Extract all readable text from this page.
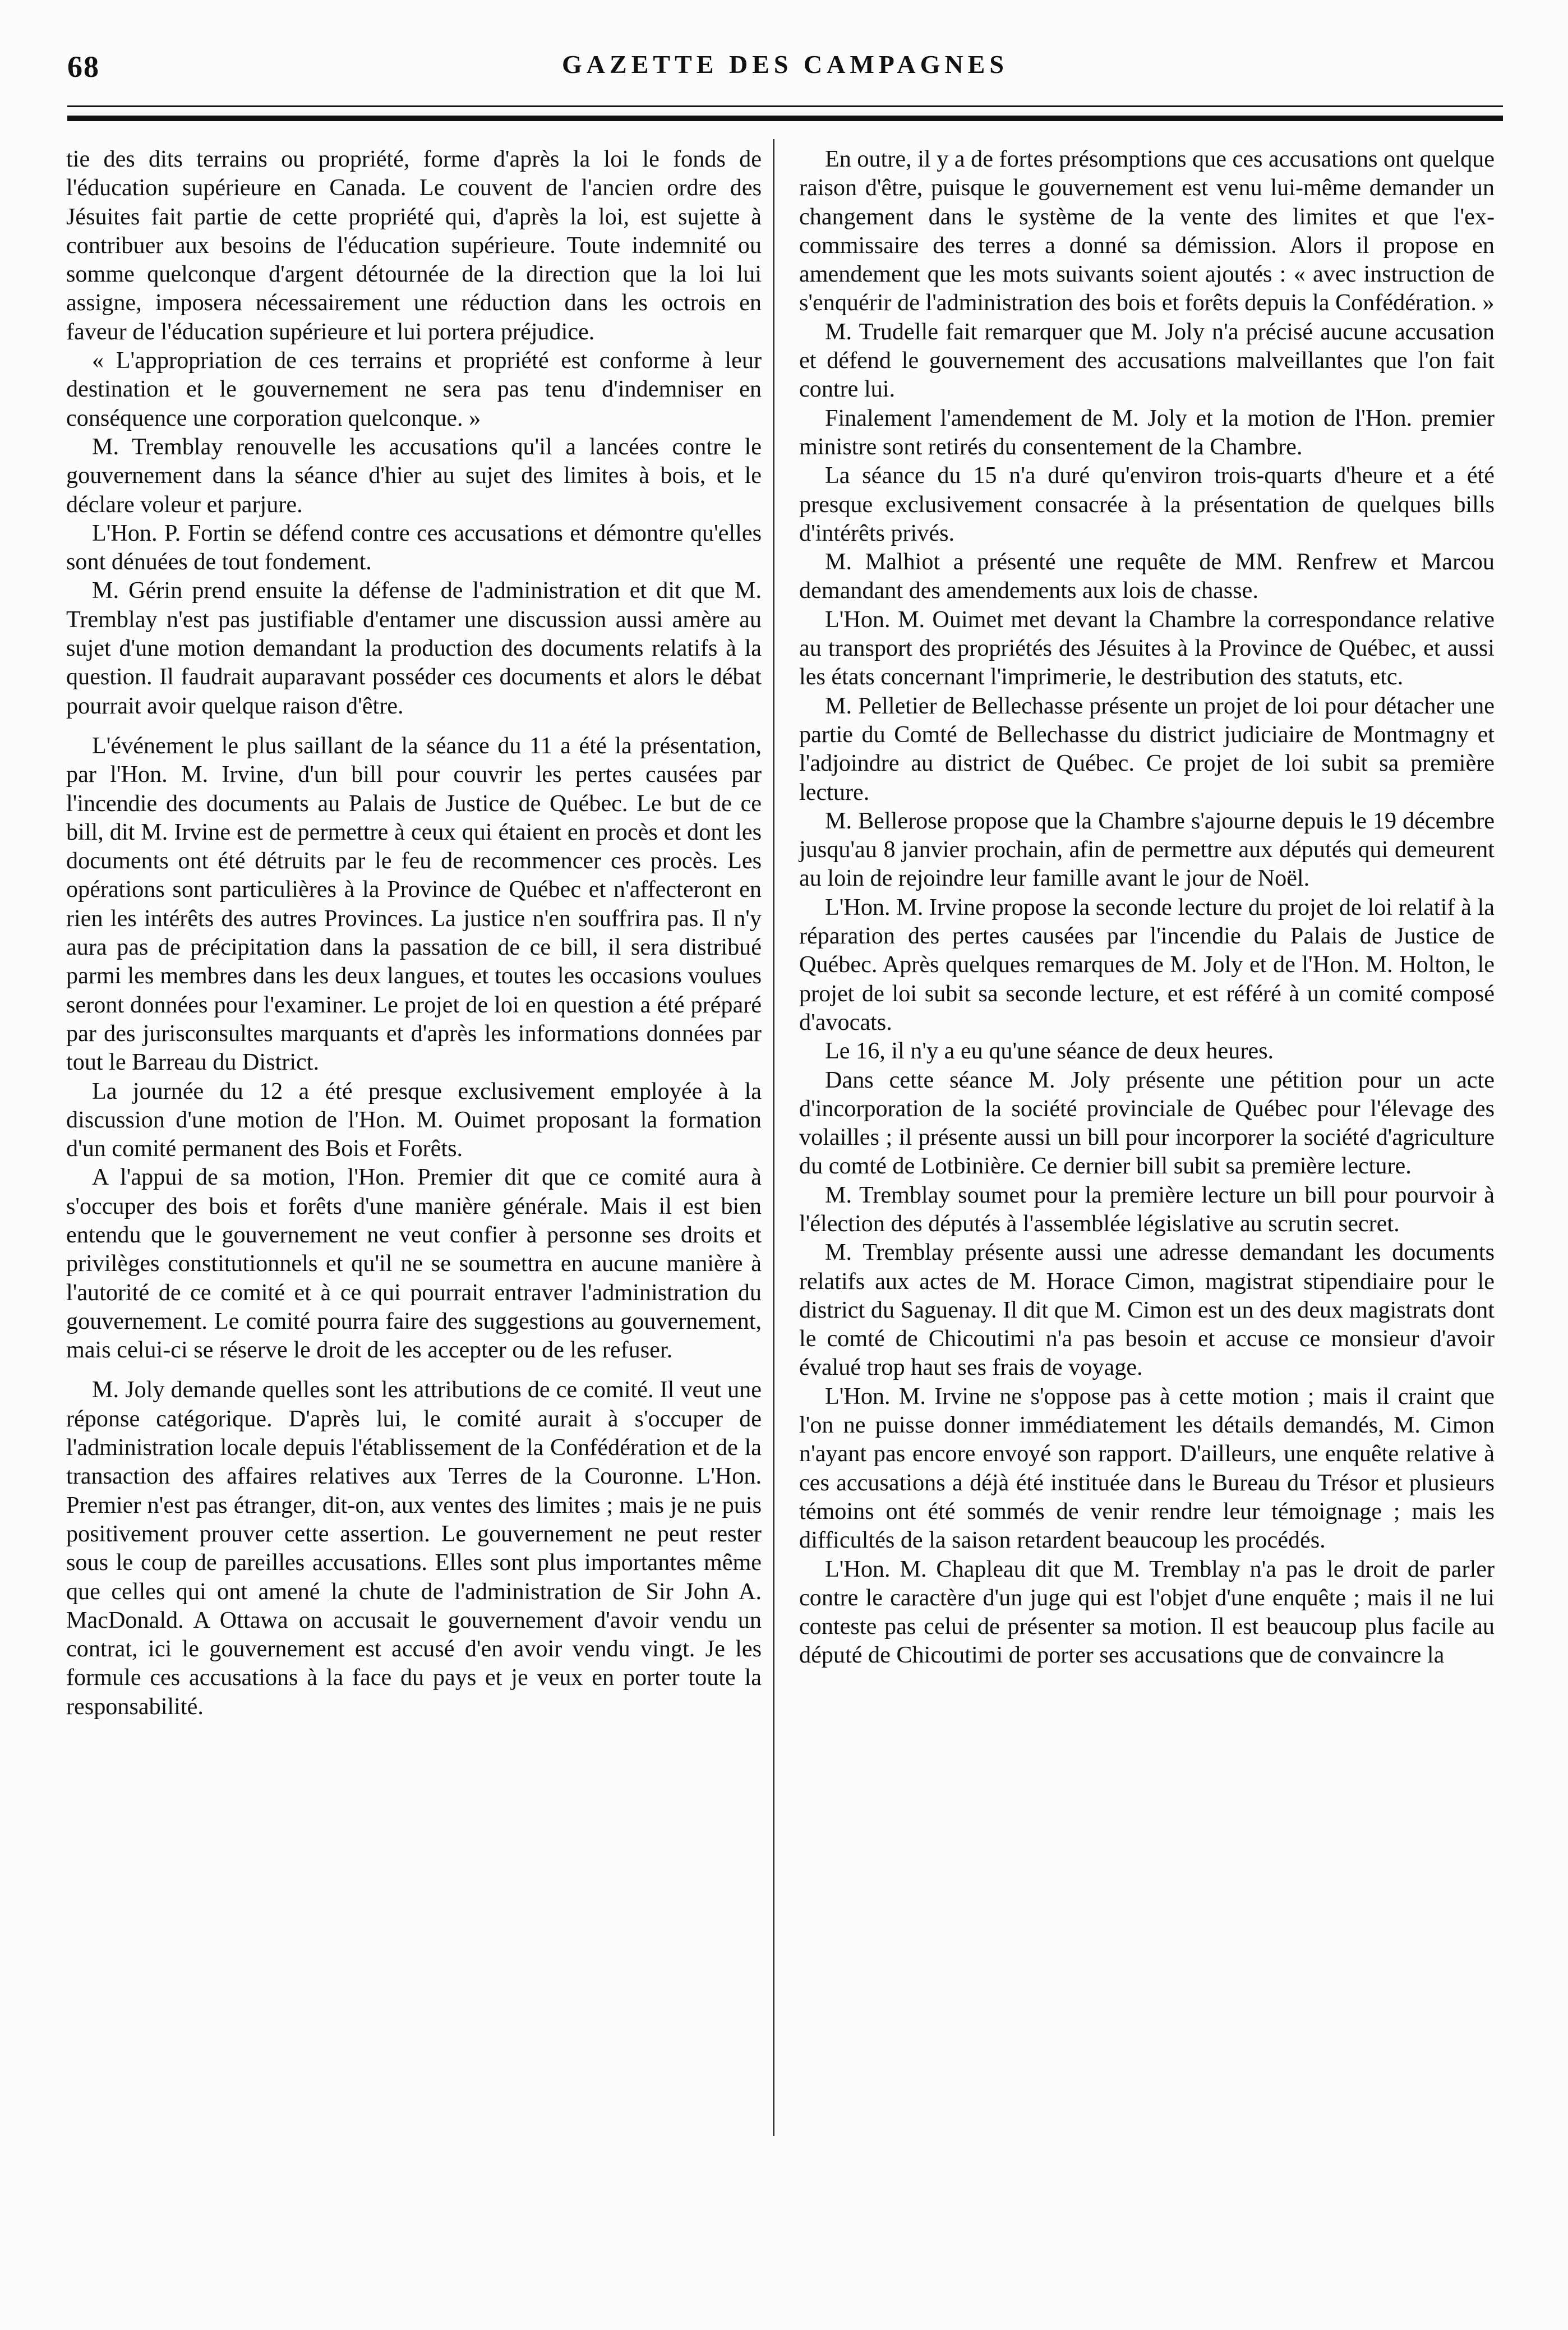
68	GAZETTE DES CAMPAGNES

tie des dits terrains ou propriété, forme d'après la loi le fonds de l'éducation supérieure en Canada. Le couvent de l'ancien ordre des Jésuites fait partie de cette propriété qui, d'après la loi, est sujette à contribuer aux besoins de l'éducation supérieure. Toute indemnité ou somme quelconque d'argent détournée de la direction que la loi lui assigne, imposera nécessairement une réduction dans les octrois en faveur de l'éducation supérieure et lui portera préjudice.

« L'appropriation de ces terrains et propriété est conforme à leur destination et le gouvernement ne sera pas tenu d'indemniser en conséquence une corporation quelconque. »

M. Tremblay renouvelle les accusations qu'il a lancées contre le gouvernement dans la séance d'hier au sujet des limites à bois, et le déclare voleur et parjure.

L'Hon. P. Fortin se défend contre ces accusations et démontre qu'elles sont dénuées de tout fondement.

M. Gérin prend ensuite la défense de l'administration et dit que M. Tremblay n'est pas justifiable d'entamer une discussion aussi amère au sujet d'une motion demandant la production des documents relatifs à la question. Il faudrait auparavant posséder ces documents et alors le débat pourrait avoir quelque raison d'être.

L'événement le plus saillant de la séance du 11 a été la présentation, par l'Hon. M. Irvine, d'un bill pour couvrir les pertes causées par l'incendie des documents au Palais de Justice de Québec. Le but de ce bill, dit M. Irvine est de permettre à ceux qui étaient en procès et dont les documents ont été détruits par le feu de recommencer ces procès. Les opérations sont particulières à la Province de Québec et n'affecteront en rien les intérêts des autres Provinces. La justice n'en souffrira pas. Il n'y aura pas de précipitation dans la passation de ce bill, il sera distribué parmi les membres dans les deux langues, et toutes les occasions voulues seront données pour l'examiner. Le projet de loi en question a été préparé par des jurisconsultes marquants et d'après les informations données par tout le Barreau du District.

La journée du 12 a été presque exclusivement employée à la discussion d'une motion de l'Hon. M. Ouimet proposant la formation d'un comité permanent des Bois et Forêts.

A l'appui de sa motion, l'Hon. Premier dit que ce comité aura à s'occuper des bois et forêts d'une manière générale. Mais il est bien entendu que le gouvernement ne veut confier à personne ses droits et privilèges constitutionnels et qu'il ne se soumettra en aucune manière à l'autorité de ce comité et à ce qui pourrait entraver l'administration du gouvernement. Le comité pourra faire des suggestions au gouvernement, mais celui-ci se réserve le droit de les accepter ou de les refuser.

M. Joly demande quelles sont les attributions de ce comité. Il veut une réponse catégorique. D'après lui, le comité aurait à s'occuper de l'administration locale depuis l'établissement de la Confédération et de la transaction des affaires relatives aux Terres de la Couronne. L'Hon. Premier n'est pas étranger, dit-on, aux ventes des limites ; mais je ne puis positivement prouver cette assertion. Le gouvernement ne peut rester sous le coup de pareilles accusations. Elles sont plus importantes même que celles qui ont amené la chute de l'administration de Sir John A. MacDonald. A Ottawa on accusait le gouvernement d'avoir vendu un contrat, ici le gouvernement est accusé d'en avoir vendu vingt. Je les formule ces accusations à la face du pays et je veux en porter toute la responsabilité.

En outre, il y a de fortes présomptions que ces accusations ont quelque raison d'être, puisque le gouvernement est venu lui-même demander un changement dans le système de la vente des limites et que l'ex-commissaire des terres a donné sa démission. Alors il propose en amendement que les mots suivants soient ajoutés : « avec instruction de s'enquérir de l'administration des bois et forêts depuis la Confédération. »

M. Trudelle fait remarquer que M. Joly n'a précisé aucune accusation et défend le gouvernement des accusations malveillantes que l'on fait contre lui.

Finalement l'amendement de M. Joly et la motion de l'Hon. premier ministre sont retirés du consentement de la Chambre.

La séance du 15 n'a duré qu'environ trois-quarts d'heure et a été presque exclusivement consacrée à la présentation de quelques bills d'intérêts privés.

M. Malhiot a présenté une requête de MM. Renfrew et Marcou demandant des amendements aux lois de chasse.

L'Hon. M. Ouimet met devant la Chambre la correspondance relative au transport des propriétés des Jésuites à la Province de Québec, et aussi les états concernant l'imprimerie, le destribution des statuts, etc.

M. Pelletier de Bellechasse présente un projet de loi pour détacher une partie du Comté de Bellechasse du district judiciaire de Montmagny et l'adjoindre au district de Québec. Ce projet de loi subit sa première lecture.

M. Bellerose propose que la Chambre s'ajourne depuis le 19 décembre jusqu'au 8 janvier prochain, afin de permettre aux députés qui demeurent au loin de rejoindre leur famille avant le jour de Noël.

L'Hon. M. Irvine propose la seconde lecture du projet de loi relatif à la réparation des pertes causées par l'incendie du Palais de Justice de Québec. Après quelques remarques de M. Joly et de l'Hon. M. Holton, le projet de loi subit sa seconde lecture, et est référé à un comité composé d'avocats.

Le 16, il n'y a eu qu'une séance de deux heures.

Dans cette séance M. Joly présente une pétition pour un acte d'incorporation de la société provinciale de Québec pour l'élevage des volailles ; il présente aussi un bill pour incorporer la société d'agriculture du comté de Lotbinière. Ce dernier bill subit sa première lecture.

M. Tremblay soumet pour la première lecture un bill pour pourvoir à l'élection des députés à l'assemblée législative au scrutin secret.

M. Tremblay présente aussi une adresse demandant les documents relatifs aux actes de M. Horace Cimon, magistrat stipendiaire pour le district du Saguenay. Il dit que M. Cimon est un des deux magistrats dont le comté de Chicoutimi n'a pas besoin et accuse ce monsieur d'avoir évalué trop haut ses frais de voyage.

L'Hon. M. Irvine ne s'oppose pas à cette motion ; mais il craint que l'on ne puisse donner immédiatement les détails demandés, M. Cimon n'ayant pas encore envoyé son rapport. D'ailleurs, une enquête relative à ces accusations a déjà été instituée dans le Bureau du Trésor et plusieurs témoins ont été sommés de venir rendre leur témoignage ; mais les difficultés de la saison retardent beaucoup les procédés.

L'Hon. M. Chapleau dit que M. Tremblay n'a pas le droit de parler contre le caractère d'un juge qui est l'objet d'une enquête ; mais il ne lui conteste pas celui de présenter sa motion. Il est beaucoup plus facile au député de Chicoutimi de porter ses accusations que de convaincre la
